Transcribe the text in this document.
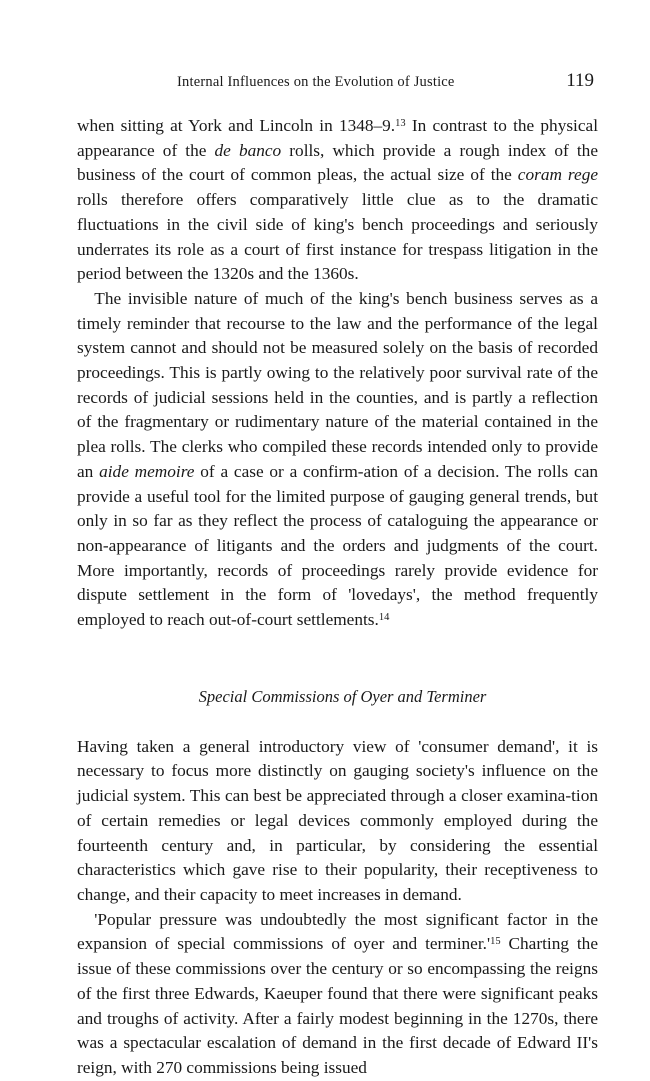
Internal Influences on the Evolution of Justice	119

when sitting at York and Lincoln in 1348–9.13 In contrast to the physical appearance of the de banco rolls, which provide a rough index of the business of the court of common pleas, the actual size of the coram rege rolls therefore offers comparatively little clue as to the dramatic fluctuations in the civil side of king's bench proceedings and seriously underrates its role as a court of first instance for trespass litigation in the period between the 1320s and the 1360s.

The invisible nature of much of the king's bench business serves as a timely reminder that recourse to the law and the performance of the legal system cannot and should not be measured solely on the basis of recorded proceedings. This is partly owing to the relatively poor survival rate of the records of judicial sessions held in the counties, and is partly a reflection of the fragmentary or rudimentary nature of the material contained in the plea rolls. The clerks who compiled these records intended only to provide an aide memoire of a case or a confirm-ation of a decision. The rolls can provide a useful tool for the limited purpose of gauging general trends, but only in so far as they reflect the process of cataloguing the appearance or non-appearance of litigants and the orders and judgments of the court. More importantly, records of proceedings rarely provide evidence for dispute settlement in the form of 'lovedays', the method frequently employed to reach out-of-court settlements.$^{14}$

Special Commissions of Oyer and Terminer

Having taken a general introductory view of 'consumer demand', it is necessary to focus more distinctly on gauging society's influence on the judicial system. This can best be appreciated through a closer examina-tion of certain remedies or legal devices commonly employed during the fourteenth century and, in particular, by considering the essential characteristics which gave rise to their popularity, their receptiveness to change, and their capacity to meet increases in demand.

'Popular pressure was undoubtedly the most significant factor in the expansion of special commissions of oyer and $terminer.'^{15}$ Charting the issue of these commissions over the century or so encompassing the reigns of the first three Edwards, Kaeuper found that there were significant peaks and troughs of activity. After a fairly modest beginning in the 1270s, there was a spectacular escalation of demand in the first decade of Edward II's reign, with 270 commissions being issued
